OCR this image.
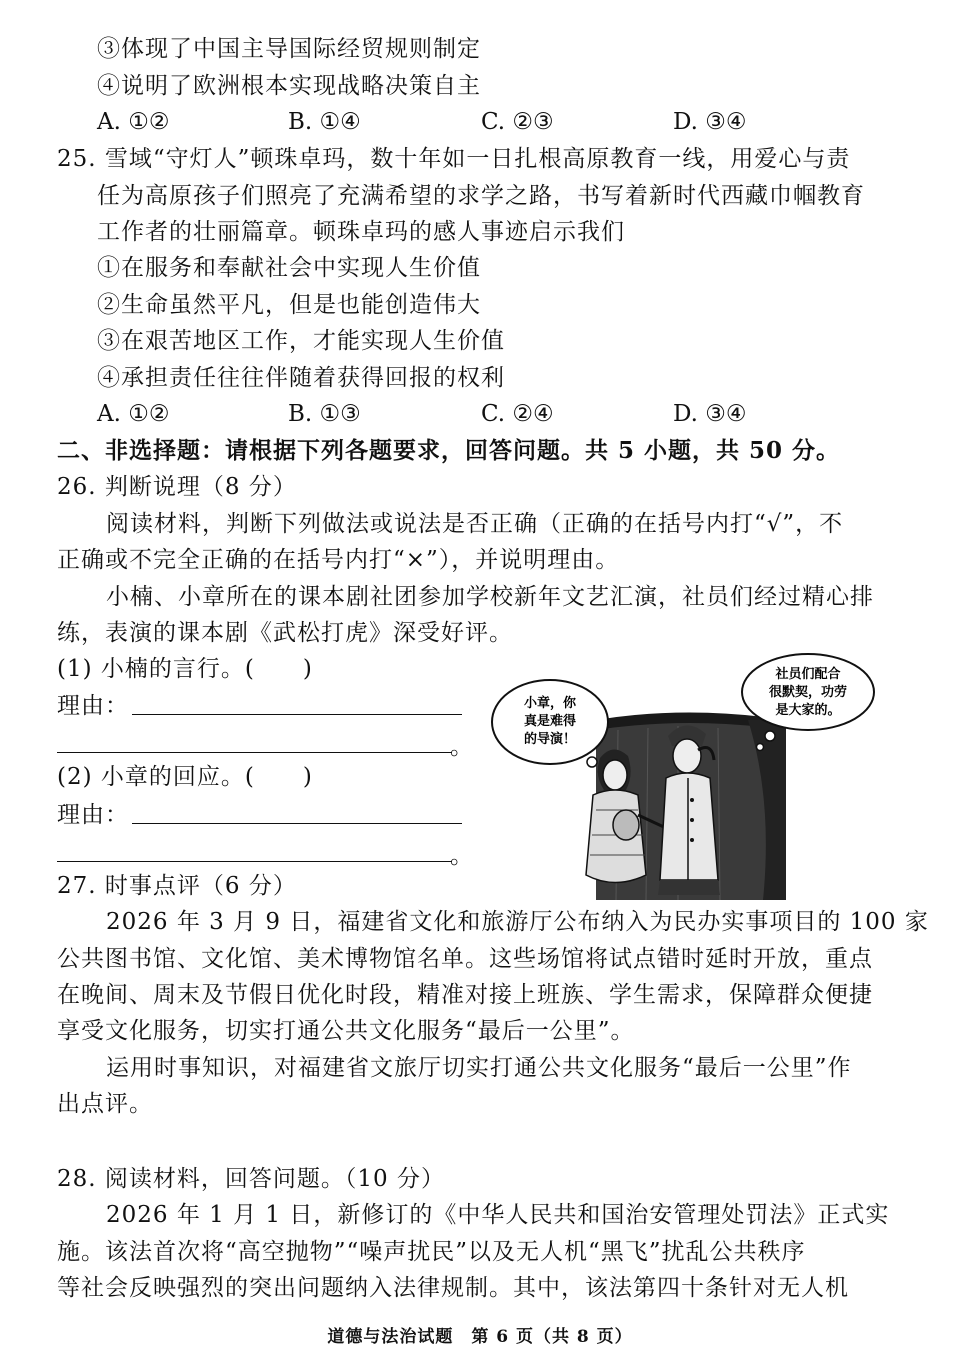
③体现了中国主导国际经贸规则制定
④说明了欧洲根本实现战略决策自主
A. ①②	B. ①④	C. ②③	D. ③④
25. 雪域“守灯人”顿珠卓玛，数十年如一日扎根高原教育一线，用爱心与责
任为高原孩子们照亮了充满希望的求学之路，书写着新时代西藏巾帼教育
工作者的壮丽篇章。顿珠卓玛的感人事迹启示我们
①在服务和奉献社会中实现人生价值
②生命虽然平凡，但是也能创造伟大
③在艰苦地区工作，才能实现人生价值
④承担责任往往伴随着获得回报的权利
A. ①②	B. ①③	C. ②④	D. ③④
二、非选择题：请根据下列各题要求，回答问题。共 5 小题，共 50 分。
26. 判断说理（8 分）
阅读材料，判断下列做法或说法是否正确（正确的在括号内打“√”，不
正确或不完全正确的在括号内打“×”），并说明理由。
小楠、小章所在的课本剧社团参加学校新年文艺汇演，社员们经过精心排
练，表演的课本剧《武松打虎》深受好评。
(1) 小楠的言行。(　　)
理由：
。
(2) 小章的回应。(　　)
理由：
。
小章，你
真是难得
的导演！
社员们配合
很默契，功劳
是大家的。
27. 时事点评（6 分）
2026 年 3 月 9 日，福建省文化和旅游厅公布纳入为民办实事项目的 100 家
公共图书馆、文化馆、美术博物馆名单。这些场馆将试点错时延时开放，重点
在晚间、周末及节假日优化时段，精准对接上班族、学生需求，保障群众便捷
享受文化服务，切实打通公共文化服务“最后一公里”。
运用时事知识，对福建省文旅厅切实打通公共文化服务“最后一公里”作
出点评。
28. 阅读材料，回答问题。（10 分）
2026 年 1 月 1 日，新修订的《中华人民共和国治安管理处罚法》正式实
施。该法首次将“高空抛物”“噪声扰民”以及无人机“黑飞”扰乱公共秩序
等社会反映强烈的突出问题纳入法律规制。其中，该法第四十条针对无人机
道德与法治试题　第 6 页（共 8 页）
